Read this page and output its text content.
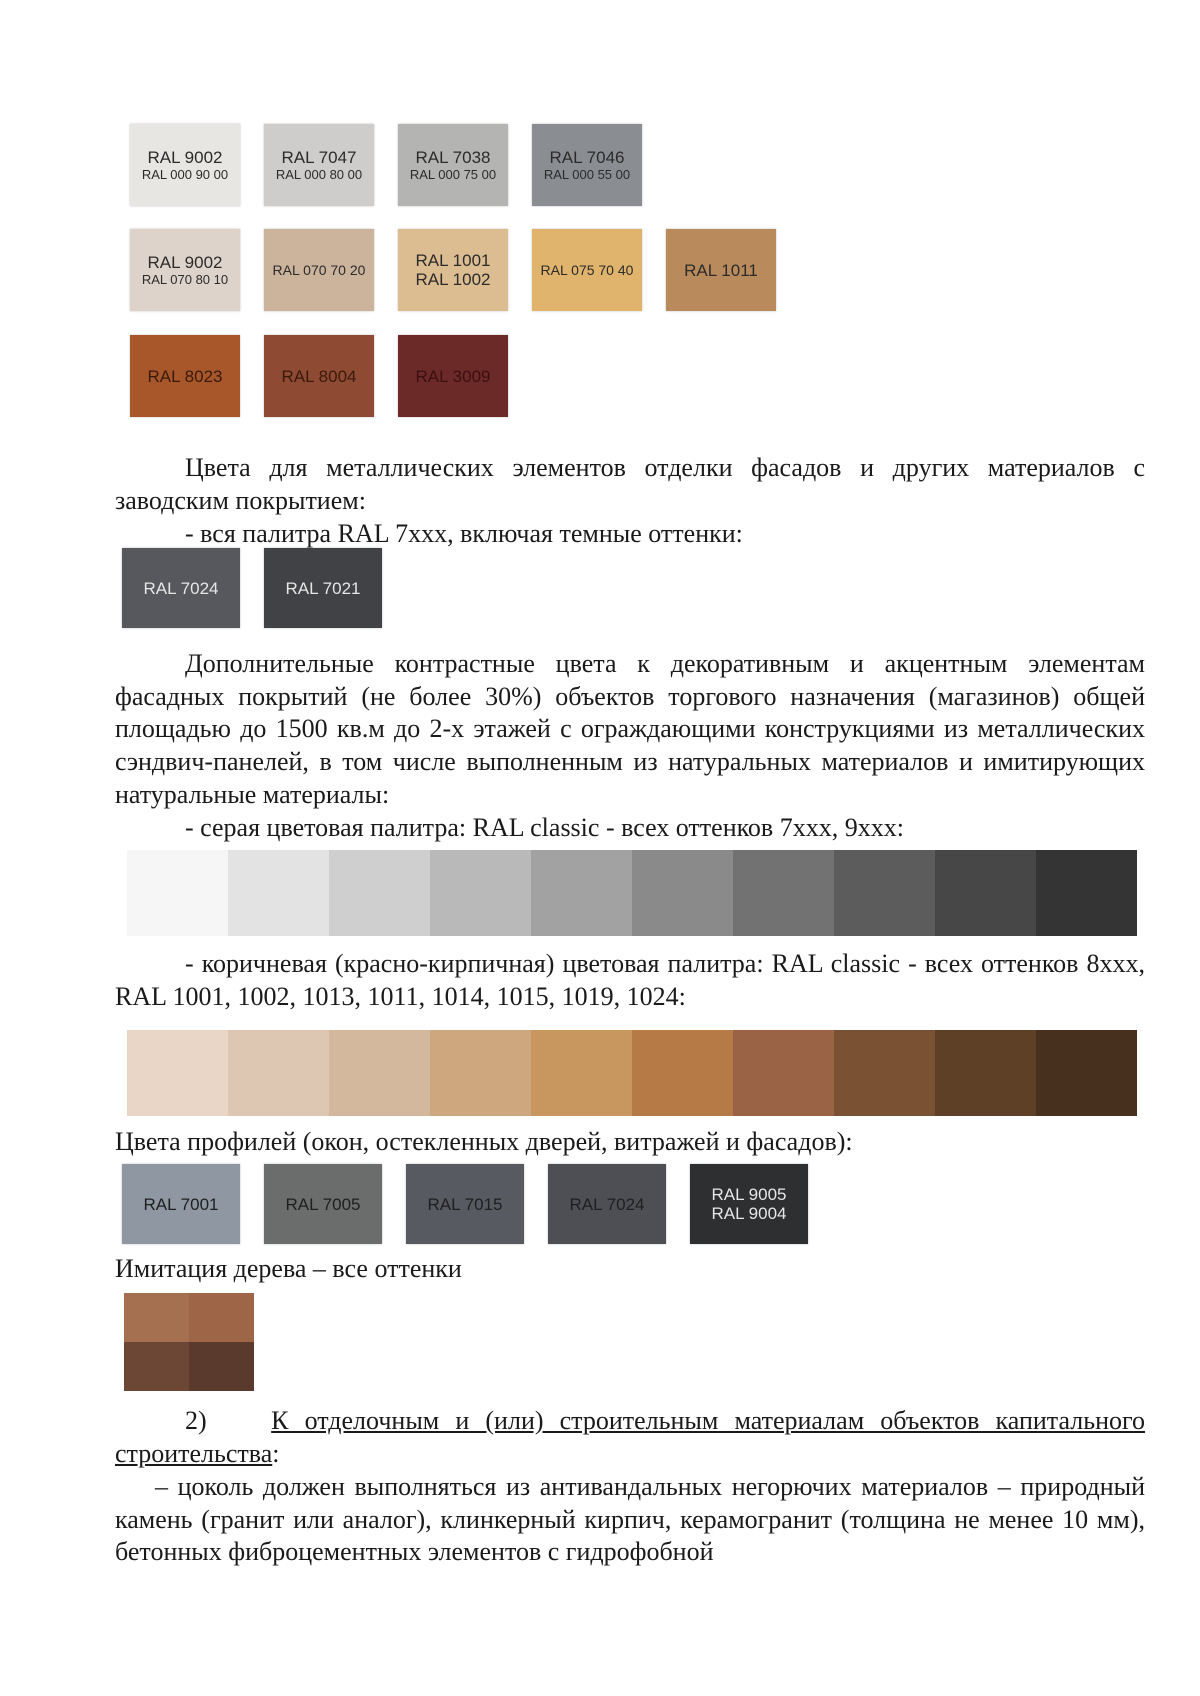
RAL 9002
RAL 000 90 00
RAL 7047
RAL 000 80 00
RAL 7038
RAL 000 75 00
RAL 7046
RAL 000 55 00
RAL 9002
RAL 070 80 10
RAL 070 70 20	RAL 1001
RAL 1002	RAL 075 70 40	RAL 1011
RAL 8023	RAL 8004	RAL 3009

Цвета для металлических элементов отделки фасадов и других материалов с заводским покрытием:

- вся палитра RAL 7xxx, включая темные оттенки:

RAL 7024	RAL 7021

Дополнительные контрастные цвета к декоративным и акцентным элементам фасадных покрытий (не более 30%) объектов торгового назначения (магазинов) общей площадью до 1500 кв.м до 2-х этажей с ограждающими конструкциями из металлических сэндвич-панелей, в том числе выполненным из натуральных материалов и имитирующих натуральные материалы:

- серая цветовая палитра: RAL classic - всех оттенков 7xxx, 9xxx:

- коричневая (красно-кирпичная) цветовая палитра: RAL classic - всех оттенков 8xxx, RAL 1001, 1002, 1013, 1011, 1014, 1015, 1019, 1024:

Цвета профилей (окон, остекленных дверей, витражей и фасадов):

RAL 7001	RAL 7005	RAL 7015	RAL 7024
RAL 9005
RAL 9004

Имитация дерева – все оттенки

2) К отделочным и (или) строительным материалам объектов капитального строительства:

– цоколь должен выполняться из антивандальных негорючих материалов – природный камень (гранит или аналог), клинкерный кирпич, керамогранит (толщина не менее 10 мм), бетонных фиброцементных элементов с гидрофобной
